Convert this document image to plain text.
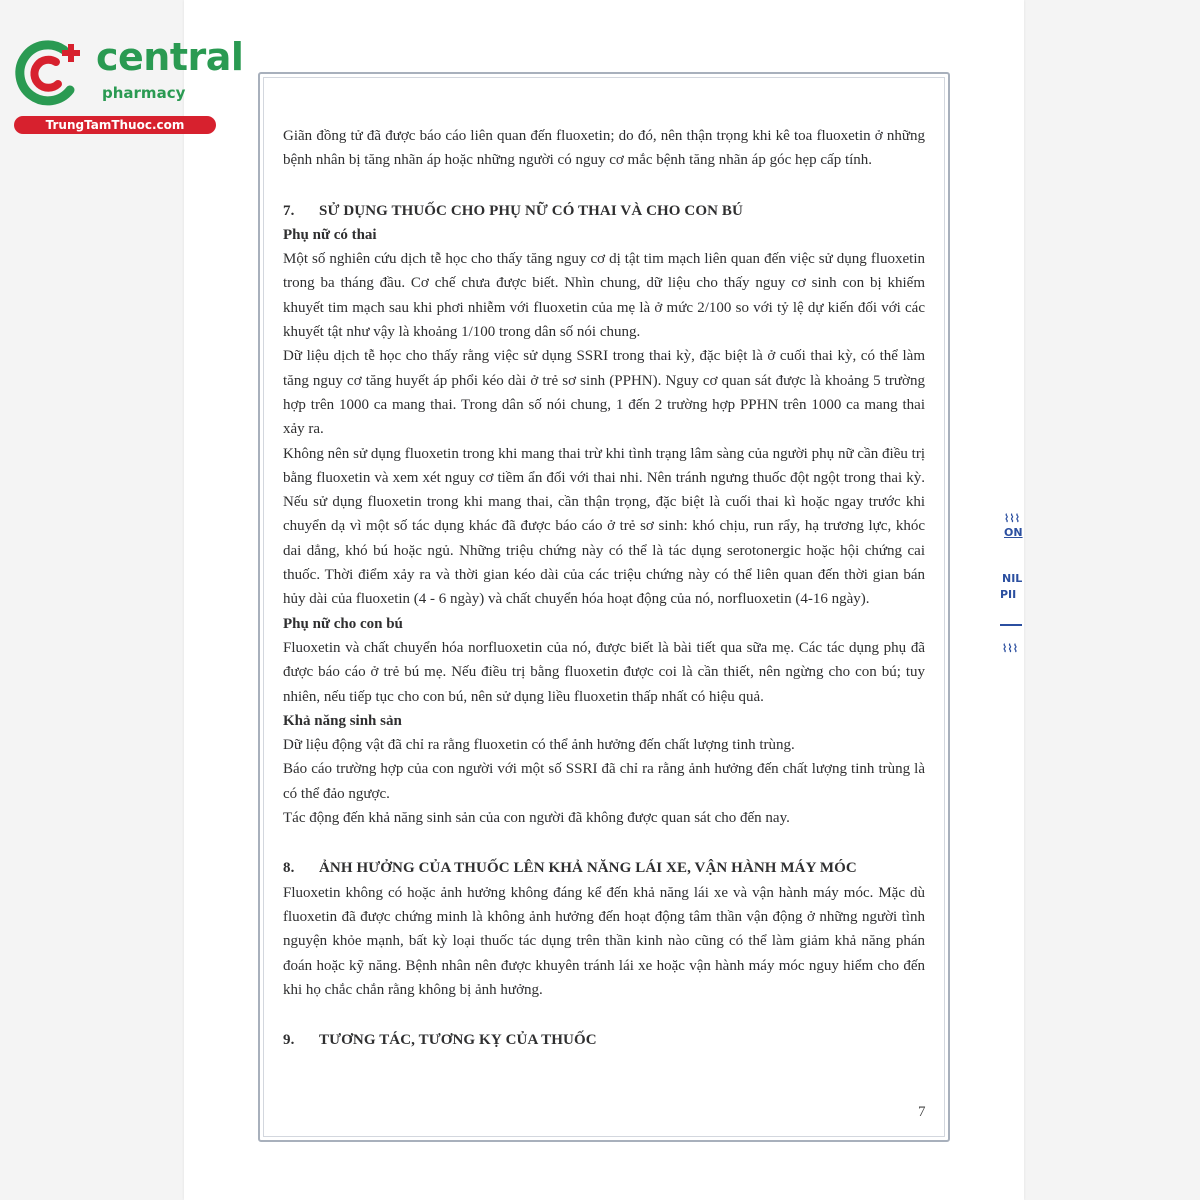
central
pharmacy
TrungTamThuoc.com

Giãn đồng tử đã được báo cáo liên quan đến fluoxetin; do đó, nên thận trọng khi kê toa fluoxetin ở những bệnh nhân bị tăng nhãn áp hoặc những người có nguy cơ mắc bệnh tăng nhãn áp góc hẹp cấp tính.

7. SỬ DỤNG THUỐC CHO PHỤ NỮ CÓ THAI VÀ CHO CON BÚ
Phụ nữ có thai

Một số nghiên cứu dịch tễ học cho thấy tăng nguy cơ dị tật tim mạch liên quan đến việc sử dụng fluoxetin trong ba tháng đầu. Cơ chế chưa được biết. Nhìn chung, dữ liệu cho thấy nguy cơ sinh con bị khiếm khuyết tim mạch sau khi phơi nhiễm với fluoxetin của mẹ là ở mức 2/100 so với tỷ lệ dự kiến đối với các khuyết tật như vậy là khoảng 1/100 trong dân số nói chung.

Dữ liệu dịch tễ học cho thấy rằng việc sử dụng SSRI trong thai kỳ, đặc biệt là ở cuối thai kỳ, có thể làm tăng nguy cơ tăng huyết áp phổi kéo dài ở trẻ sơ sinh (PPHN). Nguy cơ quan sát được là khoảng 5 trường hợp trên 1000 ca mang thai. Trong dân số nói chung, 1 đến 2 trường hợp PPHN trên 1000 ca mang thai xảy ra.

Không nên sử dụng fluoxetin trong khi mang thai trừ khi tình trạng lâm sàng của người phụ nữ cần điều trị bằng fluoxetin và xem xét nguy cơ tiềm ẩn đối với thai nhi. Nên tránh ngưng thuốc đột ngột trong thai kỳ. Nếu sử dụng fluoxetin trong khi mang thai, cần thận trọng, đặc biệt là cuối thai kì hoặc ngay trước khi chuyển dạ vì một số tác dụng khác đã được báo cáo ở trẻ sơ sinh: khó chịu, run rẩy, hạ trương lực, khóc dai dẳng, khó bú hoặc ngủ. Những triệu chứng này có thể là tác dụng serotonergic hoặc hội chứng cai thuốc. Thời điểm xảy ra và thời gian kéo dài của các triệu chứng này có thể liên quan đến thời gian bán hủy dài của fluoxetin (4 - 6 ngày) và chất chuyển hóa hoạt động của nó, norfluoxetin (4-16 ngày).

Phụ nữ cho con bú

Fluoxetin và chất chuyển hóa norfluoxetin của nó, được biết là bài tiết qua sữa mẹ. Các tác dụng phụ đã được báo cáo ở trẻ bú mẹ. Nếu điều trị bằng fluoxetin được coi là cần thiết, nên ngừng cho con bú; tuy nhiên, nếu tiếp tục cho con bú, nên sử dụng liều fluoxetin thấp nhất có hiệu quả.

Khả năng sinh sản

Dữ liệu động vật đã chỉ ra rằng fluoxetin có thể ảnh hưởng đến chất lượng tinh trùng.

Báo cáo trường hợp của con người với một số SSRI đã chỉ ra rằng ảnh hưởng đến chất lượng tinh trùng là có thể đảo ngược.

Tác động đến khả năng sinh sản của con người đã không được quan sát cho đến nay.

8. ẢNH HƯỞNG CỦA THUỐC LÊN KHẢ NĂNG LÁI XE, VẬN HÀNH MÁY MÓC

Fluoxetin không có hoặc ảnh hưởng không đáng kể đến khả năng lái xe và vận hành máy móc. Mặc dù fluoxetin đã được chứng minh là không ảnh hưởng đến hoạt động tâm thần vận động ở những người tình nguyện khỏe mạnh, bất kỳ loại thuốc tác dụng trên thần kinh nào cũng có thể làm giảm khả năng phán đoán hoặc kỹ năng. Bệnh nhân nên được khuyên tránh lái xe hoặc vận hành máy móc nguy hiểm cho đến khi họ chắc chắn rằng không bị ảnh hưởng.

9. TƯƠNG TÁC, TƯƠNG KỴ CỦA THUỐC
7
⌇⌇⌇
ON
NIL
PII
⌇⌇⌇
